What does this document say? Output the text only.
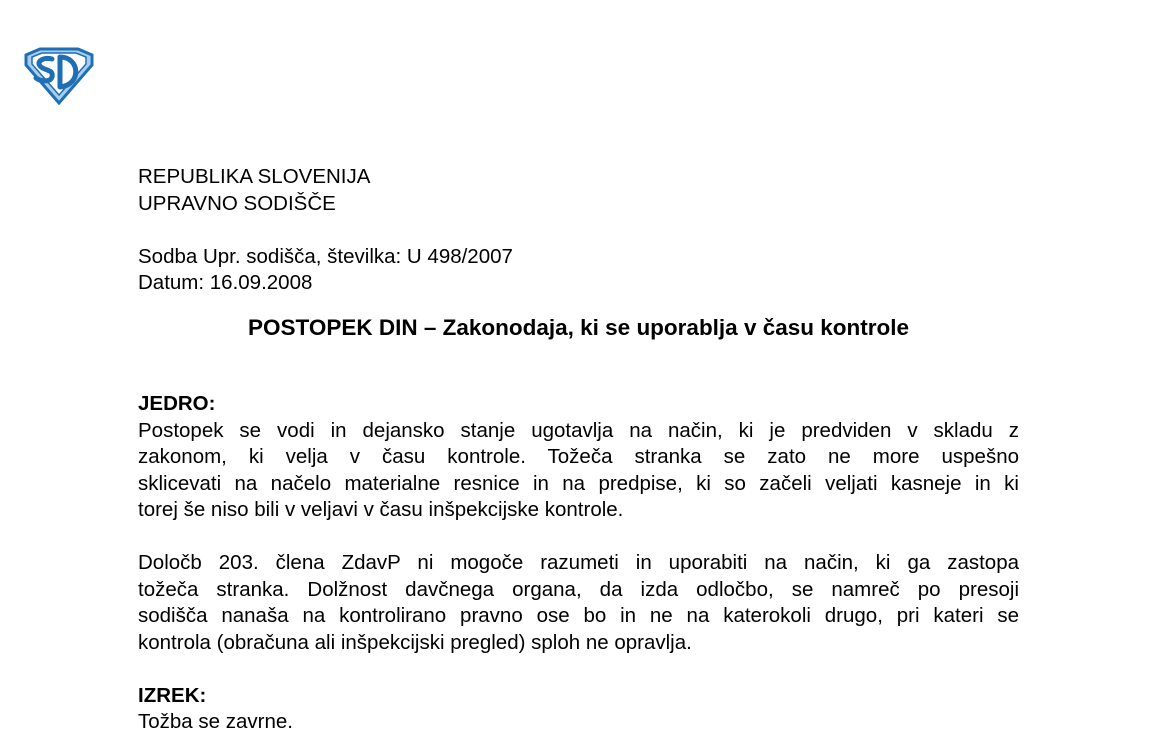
REPUBLIKA SLOVENIJA
UPRAVNO SODIŠČE
Sodba Upr. sodišča, številka: U 498/2007
Datum: 16.09.2008
POSTOPEK DIN – Zakonodaja, ki se uporablja v času kontrole
JEDRO:
Postopek se vodi in dejansko stanje ugotavlja na način, ki je predviden v skladu z
zakonom, ki velja v času kontrole. Tožeča stranka se zato ne more uspešno
sklicevati na načelo materialne resnice in na predpise, ki so začeli veljati kasneje in ki
torej še niso bili v veljavi v času inšpekcijske kontrole.
Določb 203. člena ZdavP ni mogoče razumeti in uporabiti na način, ki ga zastopa
tožeča stranka. Dolžnost davčnega organa, da izda odločbo, se namreč po presoji
sodišča nanaša na kontrolirano pravno ose bo in ne na katerokoli drugo, pri kateri se
kontrola (obračuna ali inšpekcijski pregled) sploh ne opravlja.
IZREK:
Tožba se zavrne.
